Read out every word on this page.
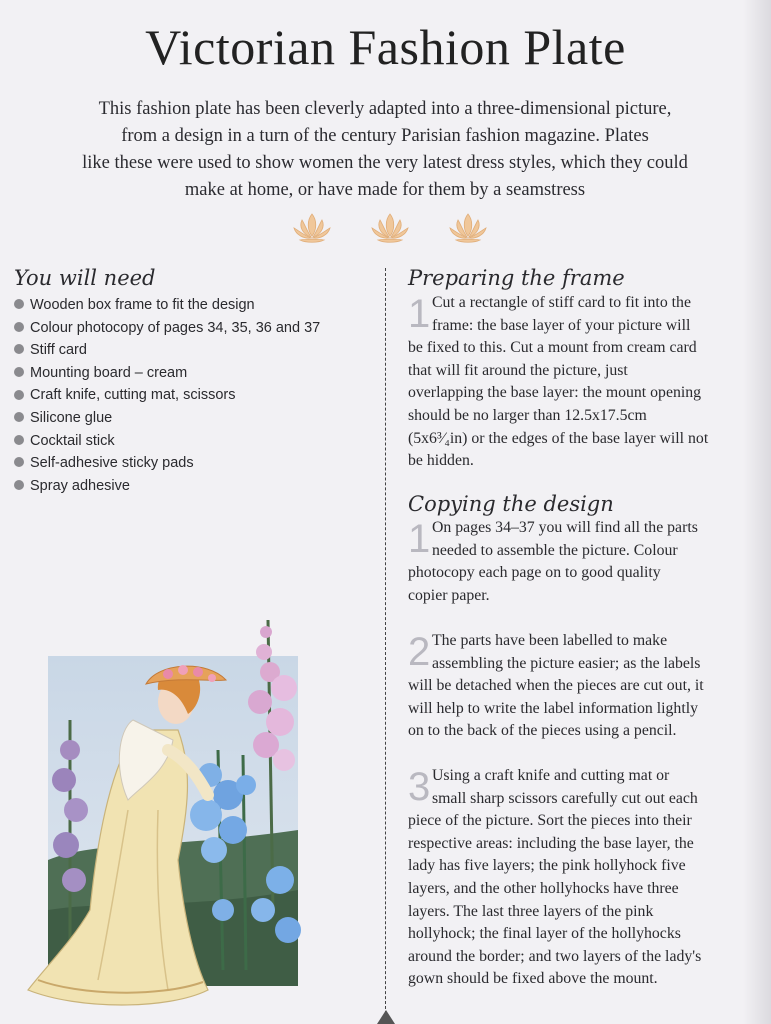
Victorian Fashion Plate
This fashion plate has been cleverly adapted into a three-dimensional picture,
from a design in a turn of the century Parisian fashion magazine. Plates
like these were used to show women the very latest dress styles, which they could
make at home, or have made for them by a seamstress
You will need
Wooden box frame to fit the design
Colour photocopy of pages 34, 35, 36 and 37
Stiff card
Mounting board – cream
Craft knife, cutting mat, scissors
Silicone glue
Cocktail stick
Self-adhesive sticky pads
Spray adhesive
Preparing the frame
1 Cut a rectangle of stiff card to fit into the
frame: the base layer of your picture will
be fixed to this. Cut a mount from cream card
that will fit around the picture, just
overlapping the base layer: the mount opening
should be no larger than 12.5x17.5cm
(5x6³⁄₄in) or the edges of the base layer will not
be hidden.
Copying the design
1 On pages 34–37 you will find all the parts
needed to assemble the picture. Colour
photocopy each page on to good quality
copier paper.
2 The parts have been labelled to make
assembling the picture easier; as the labels
will be detached when the pieces are cut out, it
will help to write the label information lightly
on to the back of the pieces using a pencil.
3 Using a craft knife and cutting mat or
small sharp scissors carefully cut out each
piece of the picture. Sort the pieces into their
respective areas: including the base layer, the
lady has five layers; the pink hollyhock five
layers, and the other hollyhocks have three
layers. The last three layers of the pink
hollyhock; the final layer of the hollyhocks
around the border; and two layers of the lady's
gown should be fixed above the mount.
